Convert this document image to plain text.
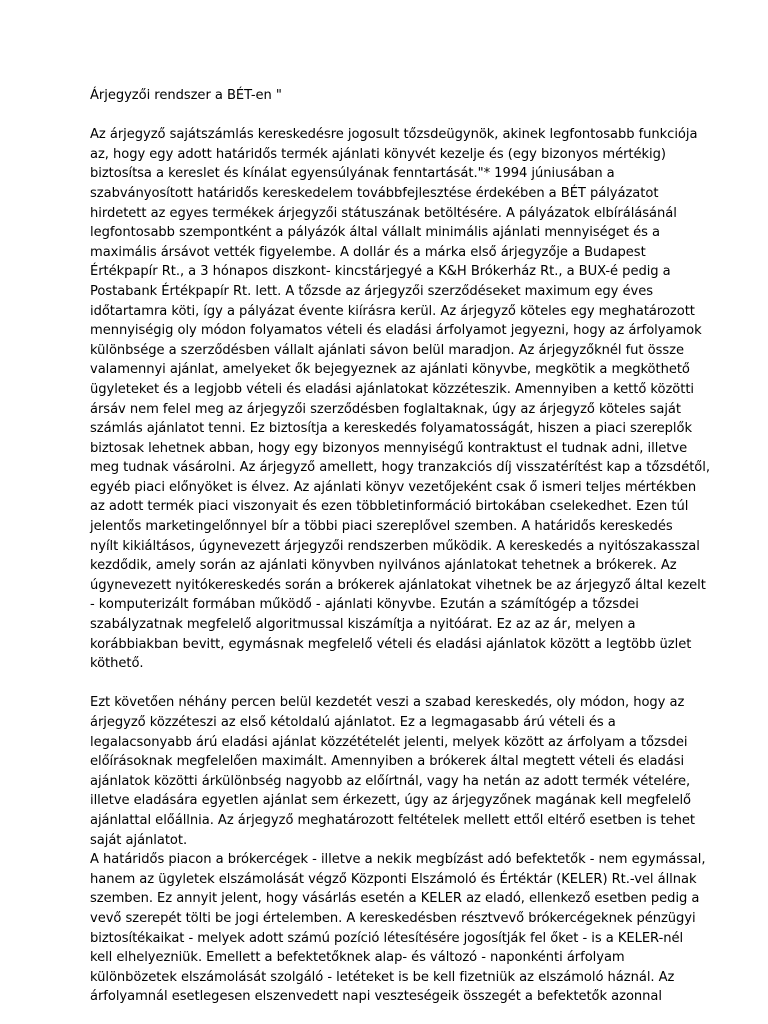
Árjegyzői rendszer a BÉT-en "
Az árjegyző sajátszámlás kereskedésre jogosult tőzsdeügynök, akinek legfontosabb funkciója
az, hogy egy adott határidős termék ajánlati könyvét kezelje és (egy bizonyos mértékig)
biztosítsa a kereslet és kínálat egyensúlyának fenntartását."* 1994 júniusában a
szabványosított határidős kereskedelem továbbfejlesztése érdekében a BÉT pályázatot
hirdetett az egyes termékek árjegyzői státuszának betöltésére. A pályázatok elbírálásánál
legfontosabb szempontként a pályázók által vállalt minimális ajánlati mennyiséget és a
maximális ársávot vették figyelembe. A dollár és a márka első árjegyzője a Budapest
Értékpapír Rt., a 3 hónapos diszkont- kincstárjegyé a K&H Brókerház Rt., a BUX-é pedig a
Postabank Értékpapír Rt. lett. A tőzsde az árjegyzői szerződéseket maximum egy éves
időtartamra köti, így a pályázat évente kiírásra kerül. Az árjegyző köteles egy meghatározott
mennyiségig oly módon folyamatos vételi és eladási árfolyamot jegyezni, hogy az árfolyamok
különbsége a szerződésben vállalt ajánlati sávon belül maradjon. Az árjegyzőknél fut össze
valamennyi ajánlat, amelyeket ők bejegyeznek az ajánlati könyvbe, megkötik a megköthető
ügyleteket és a legjobb vételi és eladási ajánlatokat közzéteszik. Amennyiben a kettő közötti
ársáv nem felel meg az árjegyzői szerződésben foglaltaknak, úgy az árjegyző köteles saját
számlás ajánlatot tenni. Ez biztosítja a kereskedés folyamatosságát, hiszen a piaci szereplők
biztosak lehetnek abban, hogy egy bizonyos mennyiségű kontraktust el tudnak adni, illetve
meg tudnak vásárolni. Az árjegyző amellett, hogy tranzakciós díj visszatérítést kap a tőzsdétől,
egyéb piaci előnyöket is élvez. Az ajánlati könyv vezetőjeként csak ő ismeri teljes mértékben
az adott termék piaci viszonyait és ezen többletinformáció birtokában cselekedhet. Ezen túl
jelentős marketingelőnnyel bír a többi piaci szereplővel szemben. A határidős kereskedés
nyílt kikiáltásos, úgynevezett árjegyzői rendszerben működik. A kereskedés a nyitószakasszal
kezdődik, amely során az ajánlati könyvben nyilvános ajánlatokat tehetnek a brókerek. Az
úgynevezett nyitókereskedés során a brókerek ajánlatokat vihetnek be az árjegyző által kezelt
- komputerizált formában működő - ajánlati könyvbe. Ezután a számítógép a tőzsdei
szabályzatnak megfelelő algoritmussal kiszámítja a nyitóárat. Ez az az ár, melyen a
korábbiakban bevitt, egymásnak megfelelő vételi és eladási ajánlatok között a legtöbb üzlet
köthető.
Ezt követően néhány percen belül kezdetét veszi a szabad kereskedés, oly módon, hogy az
árjegyző közzéteszi az első kétoldalú ajánlatot. Ez a legmagasabb árú vételi és a
legalacsonyabb árú eladási ajánlat közzétételét jelenti, melyek között az árfolyam a tőzsdei
előírásoknak megfelelően maximált. Amennyiben a brókerek által megtett vételi és eladási
ajánlatok közötti árkülönbség nagyobb az előírtnál, vagy ha netán az adott termék vételére,
illetve eladására egyetlen ajánlat sem érkezett, úgy az árjegyzőnek magának kell megfelelő
ajánlattal előállnia. Az árjegyző meghatározott feltételek mellett ettől eltérő esetben is tehet
saját ajánlatot.
A határidős piacon a brókercégek - illetve a nekik megbízást adó befektetők - nem egymással,
hanem az ügyletek elszámolását végző Központi Elszámoló és Értéktár (KELER) Rt.-vel állnak
szemben. Ez annyit jelent, hogy vásárlás esetén a KELER az eladó, ellenkező esetben pedig a
vevő szerepét tölti be jogi értelemben. A kereskedésben résztvevő brókercégeknek pénzügyi
biztosítékaikat - melyek adott számú pozíció létesítésére jogosítják fel őket - is a KELER-nél
kell elhelyezniük. Emellett a befektetőknek alap- és változó - naponkénti árfolyam
különbözetek elszámolását szolgáló - letéteket is be kell fizetniük az elszámoló háznál. Az
árfolyamnál esetlegesen elszenvedett napi veszteségeik összegét a befektetők azonnal
